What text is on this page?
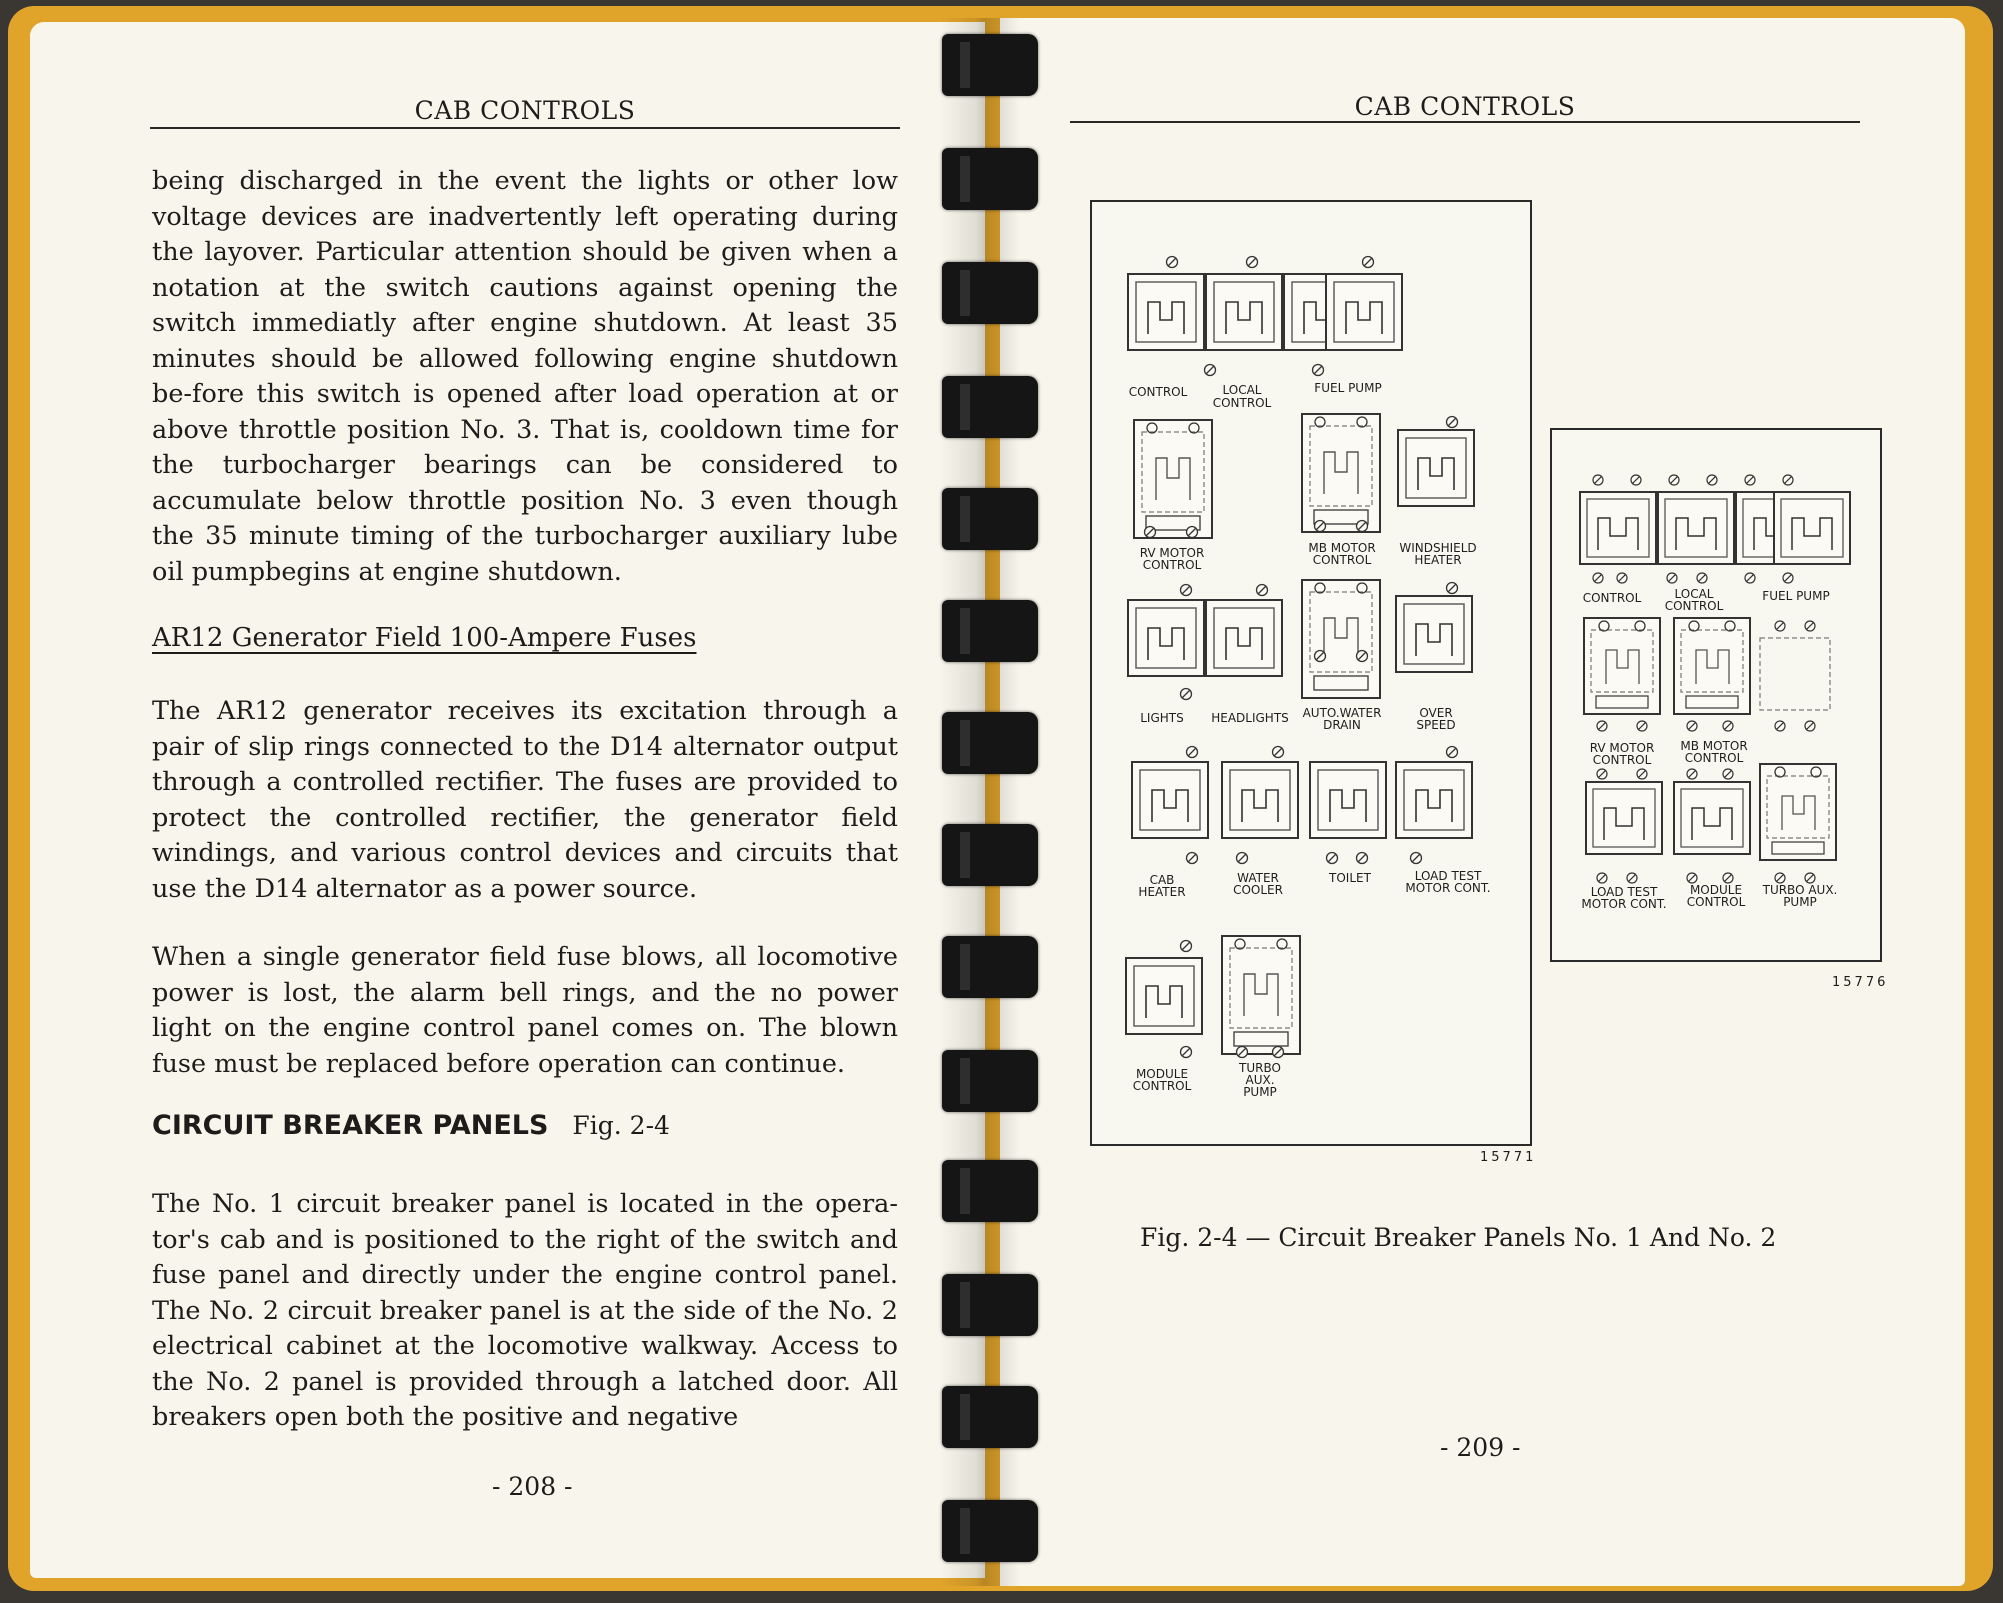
CAB CONTROLS

being discharged in the event the lights or other low voltage devices are inadvertently left operating during the layover. Particular attention should be given when a notation at the switch cautions against opening the switch immediatly after engine shutdown. At least 35 minutes should be allowed following engine shutdown be-fore this switch is opened after load operation at or above throttle position No. 3. That is, cooldown time for the turbocharger bearings can be considered to accumulate below throttle position No. 3 even though the 35 minute timing of the turbocharger auxiliary lube oil pumpbegins at engine shutdown.

AR12 Generator Field 100-Ampere Fuses

The AR12 generator receives its excitation through a pair of slip rings connected to the D14 alternator output through a controlled rectifier. The fuses are provided to protect the controlled rectifier, the generator field windings, and various control devices and circuits that use the D14 alternator as a power source.

When a single generator field fuse blows, all locomotive power is lost, the alarm bell rings, and the no power light on the engine control panel comes on. The blown fuse must be replaced before operation can continue.

CIRCUIT BREAKER PANELS Fig. 2-4

The No. 1 circuit breaker panel is located in the opera-tor's cab and is positioned to the right of the switch and fuse panel and directly under the engine control panel. The No. 2 circuit breaker panel is at the side of the No. 2 electrical cabinet at the locomotive walkway. Access to the No. 2 panel is provided through a latched door. All breakers open both the positive and negative

- 208 -
CAB CONTROLS
CONTROL	LOCAL
CONTROL
FUEL PUMP
RV MOTOR
CONTROL
MB MOTOR
CONTROL
WINDSHIELD
HEATER
LIGHTS HEADLIGHTS AUTO.WATER
DRAIN
OVER
SPEED
CAB
HEATER
WATER
COOLER
TOILET	LOAD TEST
MOTOR CONT.
MODULE
CONTROL
TURBO
AUX.
PUMP
15771
CONTROL	LOCAL
CONTROL
FUEL PUMP
RV MOTOR
CONTROL
MB MOTOR
CONTROL
LOAD TEST
MOTOR CONT.
MODULE
CONTROL
TURBO AUX.
PUMP
15776
Fig. 2-4 — Circuit Breaker Panels No. 1 And No. 2
- 209 -
